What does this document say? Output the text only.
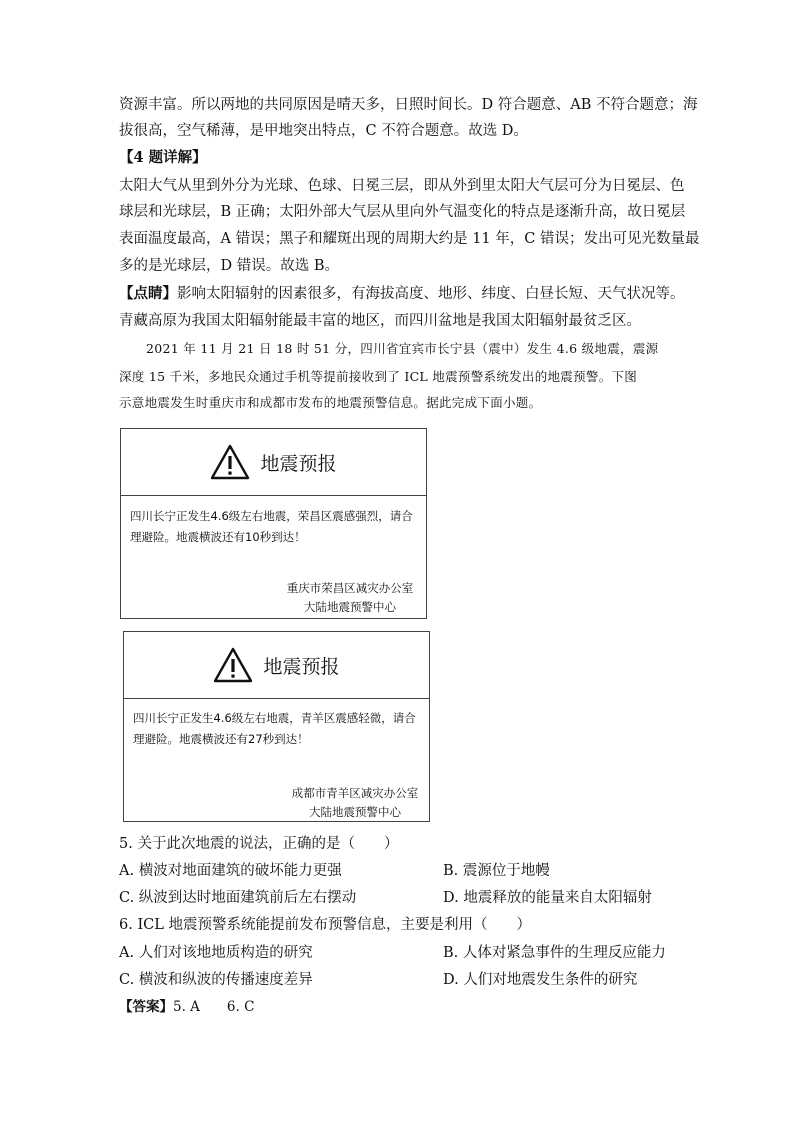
资源丰富。所以两地的共同原因是晴天多，日照时间长。D 符合题意、AB 不符合题意；海
拔很高，空气稀薄，是甲地突出特点，C 不符合题意。故选 D。
【4 题详解】
太阳大气从里到外分为光球、色球、日冕三层，即从外到里太阳大气层可分为日冕层、色
球层和光球层，B 正确；太阳外部大气层从里向外气温变化的特点是逐渐升高，故日冕层
表面温度最高，A 错误；黑子和耀斑出现的周期大约是 11 年，C 错误；发出可见光数量最
多的是光球层，D 错误。故选 B。
【点睛】影响太阳辐射的因素很多，有海拔高度、地形、纬度、白昼长短、天气状况等。
青藏高原为我国太阳辐射能最丰富的地区，而四川盆地是我国太阳辐射最贫乏区。
2021 年 11 月 21 日 18 时 51 分，四川省宜宾市长宁县（震中）发生 4.6 级地震，震源
深度 15 千米，多地民众通过手机等提前接收到了 ICL 地震预警系统发出的地震预警。下图
示意地震发生时重庆市和成都市发布的地震预警信息。据此完成下面小题。
地震预报
四川长宁正发生4.6级左右地震，荣昌区震感强烈，请合
理避险。地震横波还有10秒到达！
重庆市荣昌区减灾办公室
大陆地震预警中心
地震预报
四川长宁正发生4.6级左右地震，青羊区震感轻微，请合
理避险。地震横波还有27秒到达！
成都市青羊区减灾办公室
大陆地震预警中心
5. 关于此次地震的说法，正确的是（　　）
A. 横波对地面建筑的破坏能力更强	B. 震源位于地幔
C. 纵波到达时地面建筑前后左右摆动	D. 地震释放的能量来自太阳辐射
6. ICL 地震预警系统能提前发布预警信息，主要是利用（　　）
A. 人们对该地地质构造的研究	B. 人体对紧急事件的生理反应能力
C. 横波和纵波的传播速度差异	D. 人们对地震发生条件的研究
【答案】5. A　　6. C
